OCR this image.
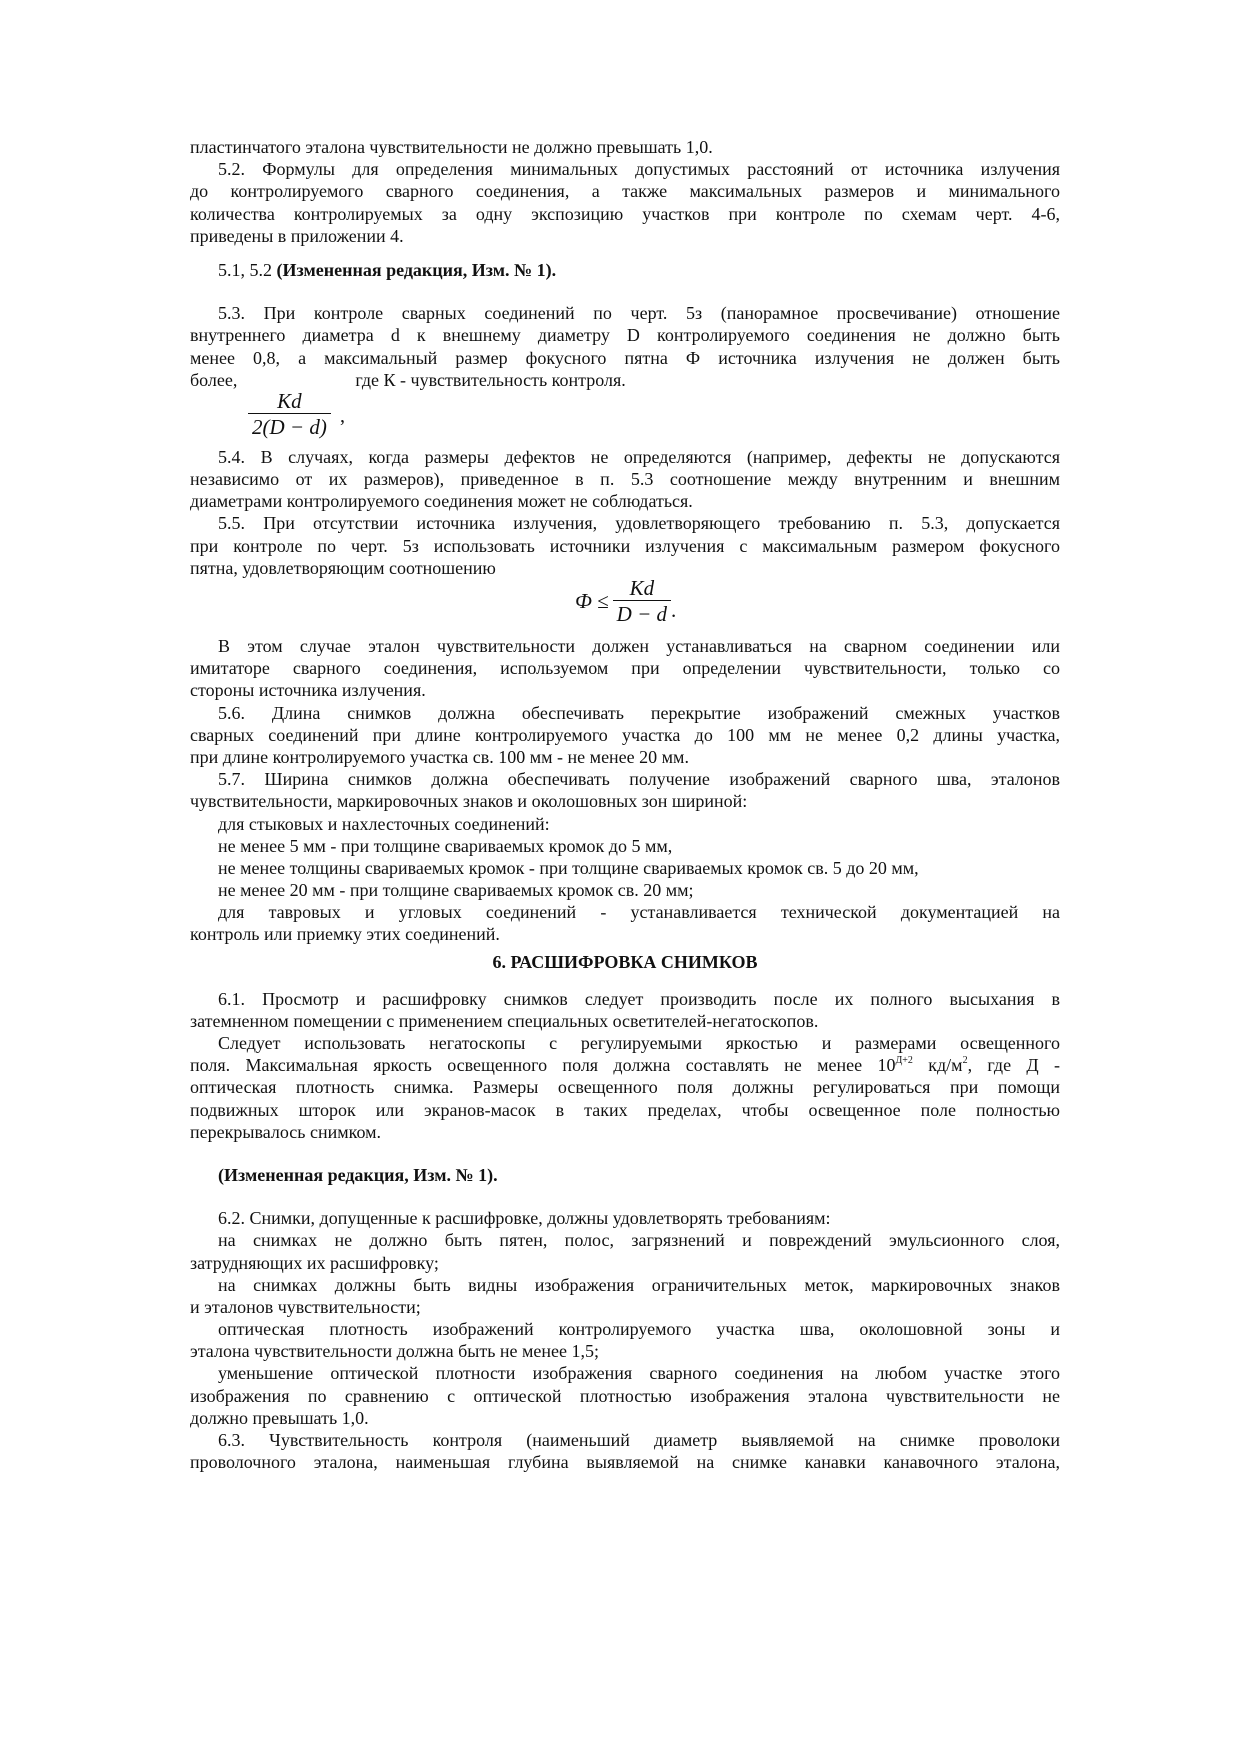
пластинчатого эталона чувствительности не должно превышать 1,0.
5.2. Формулы для определения минимальных допустимых расстояний от источника излучения
до контролируемого сварного соединения, а также максимальных размеров и минимального
количества контролируемых за одну экспозицию участков при контроле по схемам черт. 4-6,
приведены в приложении 4.
5.1, 5.2 (Измененная редакция, Изм. № 1).
5.3. При контроле сварных соединений по черт. 5з (панорамное просвечивание) отношение
внутреннего диаметра d к внешнему диаметру D контролируемого соединения не должно быть
менее 0,8, а максимальный размер фокусного пятна Ф источника излучения не должен быть
более,	где К - чувствительность контроля.
$\frac{Kd}{2(D - d)}$ ,
5.4. В случаях, когда размеры дефектов не определяются (например, дефекты не допускаются
независимо от их размеров), приведенное в п. 5.3 соотношение между внутренним и внешним
диаметрами контролируемого соединения может не соблюдаться.
5.5. При отсутствии источника излучения, удовлетворяющего требованию п. 5.3, допускается
при контроле по черт. 5з использовать источники излучения с максимальным размером фокусного
пятна, удовлетворяющим соотношению
$Ф \le \frac{Kd}{D - d}$ .
В этом случае эталон чувствительности должен устанавливаться на сварном соединении или
имитаторе сварного соединения, используемом при определении чувствительности, только со
стороны источника излучения.
5.6. Длина снимков должна обеспечивать перекрытие изображений смежных участков
сварных соединений при длине контролируемого участка до 100 мм не менее 0,2 длины участка,
при длине контролируемого участка св. 100 мм - не менее 20 мм.
5.7. Ширина снимков должна обеспечивать получение изображений сварного шва, эталонов
чувствительности, маркировочных знаков и околошовных зон шириной:
для стыковых и нахлесточных соединений:
не менее 5 мм - при толщине свариваемых кромок до 5 мм,
не менее толщины свариваемых кромок - при толщине свариваемых кромок св. 5 до 20 мм,
не менее 20 мм - при толщине свариваемых кромок св. 20 мм;
для тавровых и угловых соединений - устанавливается технической документацией на
контроль или приемку этих соединений.
6. РАСШИФРОВКА СНИМКОВ
6.1. Просмотр и расшифровку снимков следует производить после их полного высыхания в
затемненном помещении с применением специальных осветителей-негатоскопов.
Следует использовать негатоскопы с регулируемыми яркостью и размерами освещенного
поля. Максимальная яркость освещенного поля должна составлять не менее $10^{Д+2}$ $кд/м^2$, где Д -
оптическая плотность снимка. Размеры освещенного поля должны регулироваться при помощи
подвижных шторок или экранов-масок в таких пределах, чтобы освещенное поле полностью
перекрывалось снимком.
(Измененная редакция, Изм. № 1).
6.2. Снимки, допущенные к расшифровке, должны удовлетворять требованиям:
на снимках не должно быть пятен, полос, загрязнений и повреждений эмульсионного слоя,
затрудняющих их расшифровку;
на снимках должны быть видны изображения ограничительных меток, маркировочных знаков
и эталонов чувствительности;
оптическая плотность изображений контролируемого участка шва, околошовной зоны и
эталона чувствительности должна быть не менее 1,5;
уменьшение оптической плотности изображения сварного соединения на любом участке этого
изображения по сравнению с оптической плотностью изображения эталона чувствительности не
должно превышать 1,0.
6.3. Чувствительность контроля (наименьший диаметр выявляемой на снимке проволоки
проволочного эталона, наименьшая глубина выявляемой на снимке канавки канавочного эталона,
